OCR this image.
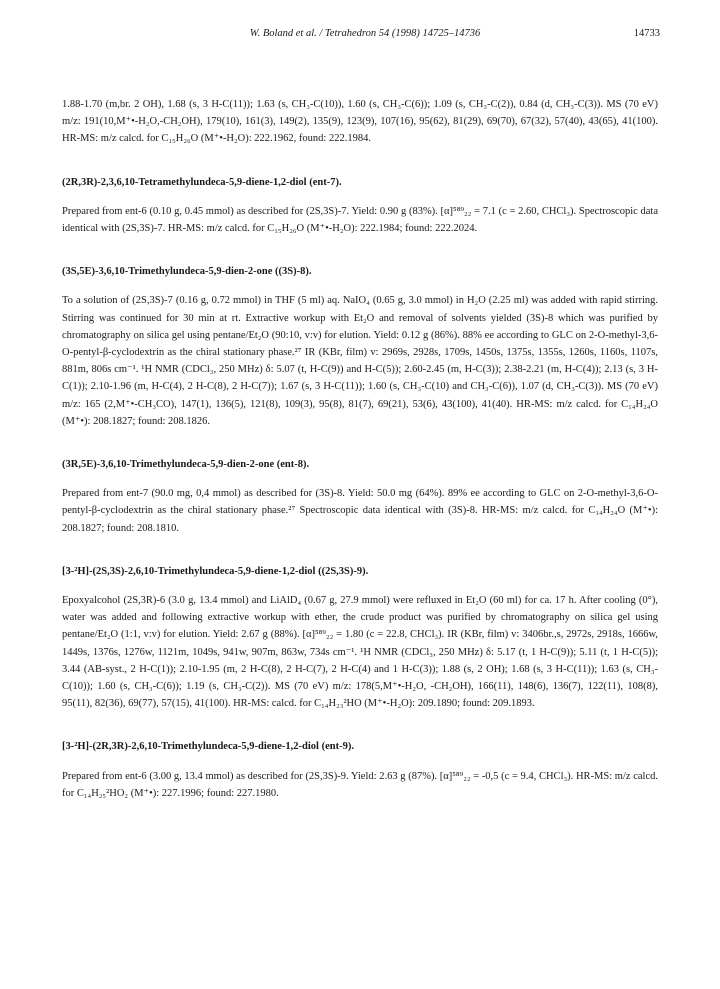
W. Boland et al. / Tetrahedron 54 (1998) 14725–14736	14733

1.88-1.70 (m,br. 2 OH), 1.68 (s, 3 H-C(11)); 1.63 (s, CH₃-C(10)), 1.60 (s, CH₃-C(6)); 1.09 (s, CH₃-C(2)), 0.84 (d, CH₃-C(3)). MS (70 eV) m/z: 191(10,M⁺•-H₂O,-CH₂OH), 179(10), 161(3), 149(2), 135(9), 123(9), 107(16), 95(62), 81(29), 69(70), 67(32), 57(40), 43(65), 41(100). HR-MS: m/z calcd. for C₁₅H₂₆O (M⁺•-H₂O): 222.1962, found: 222.1984.

(2R,3R)-2,3,6,10-Tetramethylundeca-5,9-diene-1,2-diol (ent-7).

Prepared from ent-6 (0.10 g, 0.45 mmol) as described for (2S,3S)-7. Yield: 0.90 g (83%). [α]⁵⁸⁹₂₂ = 7.1 (c = 2.60, CHCl₃). Spectroscopic data identical with (2S,3S)-7. HR-MS: m/z calcd. for C₁₅H₂₆O (M⁺•-H₂O): 222.1984; found: 222.2024.

(3S,5E)-3,6,10-Trimethylundeca-5,9-dien-2-one ((3S)-8).

To a solution of (2S,3S)-7 (0.16 g, 0.72 mmol) in THF (5 ml) aq. NaIO₄ (0.65 g, 3.0 mmol) in H₂O (2.25 ml) was added with rapid stirring. Stirring was continued for 30 min at rt. Extractive workup with Et₂O and removal of solvents yielded (3S)-8 which was purified by chromatography on silica gel using pentane/Et₂O (90:10, v:v) for elution. Yield: 0.12 g (86%). 88% ee according to GLC on 2-O-methyl-3,6-O-pentyl-β-cyclodextrin as the chiral stationary phase.²⁷ IR (KBr, film) v: 2969s, 2928s, 1709s, 1450s, 1375s, 1355s, 1260s, 1160s, 1107s, 881m, 806s cm⁻¹. ¹H NMR (CDCl₃, 250 MHz) δ: 5.07 (t, H-C(9)) and H-C(5)); 2.60-2.45 (m, H-C(3)); 2.38-2.21 (m, H-C(4)); 2.13 (s, 3 H-C(1)); 2.10-1.96 (m, H-C(4), 2 H-C(8), 2 H-C(7)); 1.67 (s, 3 H-C(11)); 1.60 (s, CH₃-C(10) and CH₃-C(6)), 1.07 (d, CH₃-C(3)). MS (70 eV) m/z: 165 (2,M⁺•-CH₃CO), 147(1), 136(5), 121(8), 109(3), 95(8), 81(7), 69(21), 53(6), 43(100), 41(40). HR-MS: m/z calcd. for C₁₄H₂₄O (M⁺•): 208.1827; found: 208.1826.

(3R,5E)-3,6,10-Trimethylundeca-5,9-dien-2-one (ent-8).

Prepared from ent-7 (90.0 mg, 0,4 mmol) as described for (3S)-8. Yield: 50.0 mg (64%). 89% ee according to GLC on 2-O-methyl-3,6-O-pentyl-β-cyclodextrin as the chiral stationary phase.²⁷ Spectroscopic data identical with (3S)-8. HR-MS: m/z calcd. for C₁₄H₂₄O (M⁺•): 208.1827; found: 208.1810.

[3-²H]-(2S,3S)-2,6,10-Trimethylundeca-5,9-diene-1,2-diol ((2S,3S)-9).

Epoxyalcohol (2S,3R)-6 (3.0 g, 13.4 mmol) and LiAlD₄ (0.67 g, 27.9 mmol) were refluxed in Et₂O (60 ml) for ca. 17 h. After cooling (0°), water was added and following extractive workup with ether, the crude product was purified by chromatography on silica gel using pentane/Et₂O (1:1, v:v) for elution. Yield: 2.67 g (88%). [α]⁵⁸⁹₂₂ = 1.80 (c = 22.8, CHCl₃). IR (KBr, film) v: 3406br.,s, 2972s, 2918s, 1666w, 1449s, 1376s, 1276w, 1121m, 1049s, 941w, 907m, 863w, 734s cm⁻¹. ¹H NMR (CDCl₃, 250 MHz) δ: 5.17 (t, 1 H-C(9)); 5.11 (t, 1 H-C(5)); 3.44 (AB-syst., 2 H-C(1)); 2.10-1.95 (m, 2 H-C(8), 2 H-C(7), 2 H-C(4) and 1 H-C(3)); 1.88 (s, 2 OH); 1.68 (s, 3 H-C(11)); 1.63 (s, CH₃-C(10)); 1.60 (s, CH₃-C(6)); 1.19 (s, CH₃-C(2)). MS (70 eV) m/z: 178(5,M⁺•-H₂O, -CH₂OH), 166(11), 148(6), 136(7), 122(11), 108(8), 95(11), 82(36), 69(77), 57(15), 41(100). HR-MS: calcd. for C₁₄H₂₃²HO (M⁺•-H₂O): 209.1890; found: 209.1893.

[3-²H]-(2R,3R)-2,6,10-Trimethylundeca-5,9-diene-1,2-diol (ent-9).

Prepared from ent-6 (3.00 g, 13.4 mmol) as described for (2S,3S)-9. Yield: 2.63 g (87%). [α]⁵⁸⁹₂₂ = -0,5 (c = 9.4, CHCl₃). HR-MS: m/z calcd. for C₁₄H₂₅²HO₂ (M⁺•): 227.1996; found: 227.1980.
